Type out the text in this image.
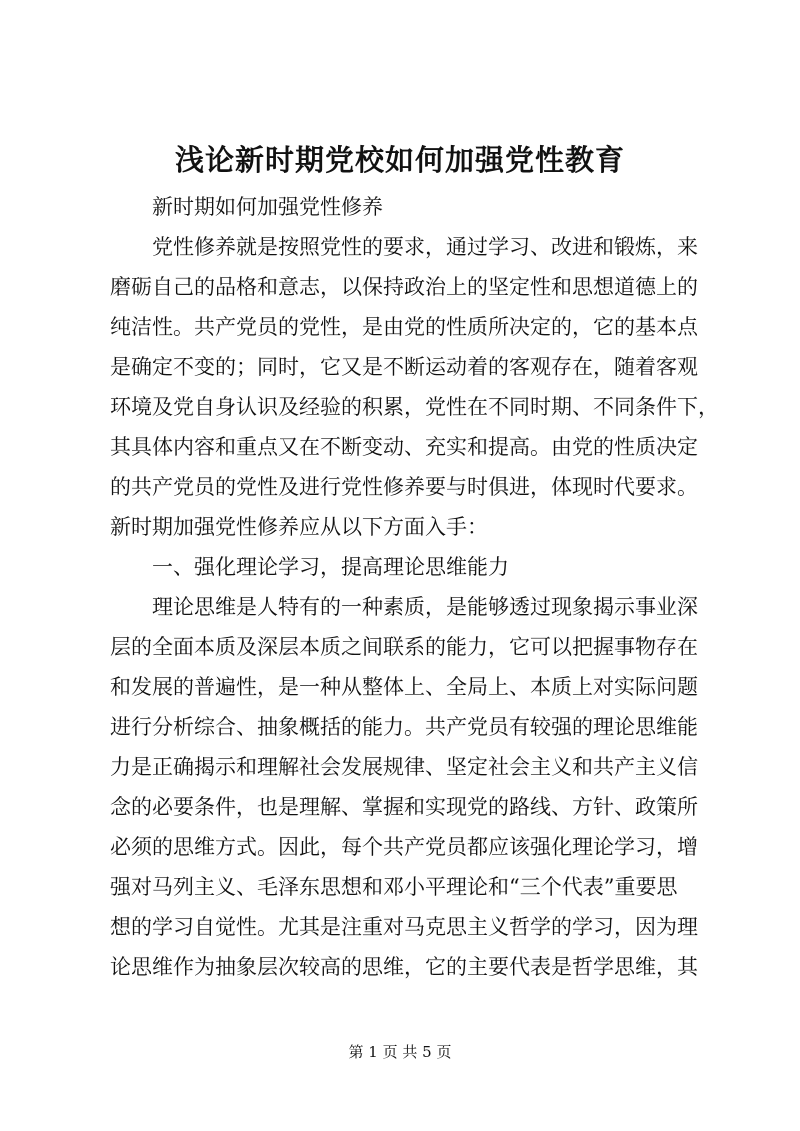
浅论新时期党校如何加强党性教育

新时期如何加强党性修养

党性修养就是按照党性的要求，通过学习、改进和锻炼，来
磨砺自己的品格和意志，以保持政治上的坚定性和思想道德上的
纯洁性。共产党员的党性，是由党的性质所决定的，它的基本点
是确定不变的；同时，它又是不断运动着的客观存在，随着客观
环境及党自身认识及经验的积累，党性在不同时期、不同条件下，
其具体内容和重点又在不断变动、充实和提高。由党的性质决定
的共产党员的党性及进行党性修养要与时俱进，体现时代要求。
新时期加强党性修养应从以下方面入手：

一、强化理论学习，提高理论思维能力

理论思维是人特有的一种素质，是能够透过现象揭示事业深
层的全面本质及深层本质之间联系的能力，它可以把握事物存在
和发展的普遍性，是一种从整体上、全局上、本质上对实际问题
进行分析综合、抽象概括的能力。共产党员有较强的理论思维能
力是正确揭示和理解社会发展规律、坚定社会主义和共产主义信
念的必要条件，也是理解、掌握和实现党的路线、方针、政策所
必须的思维方式。因此，每个共产党员都应该强化理论学习，增
强对马列主义、毛泽东思想和邓小平理论和“三个代表”重要思
想的学习自觉性。尤其是注重对马克思主义哲学的学习，因为理
论思维作为抽象层次较高的思维，它的主要代表是哲学思维，其

第 1 页 共 5 页
